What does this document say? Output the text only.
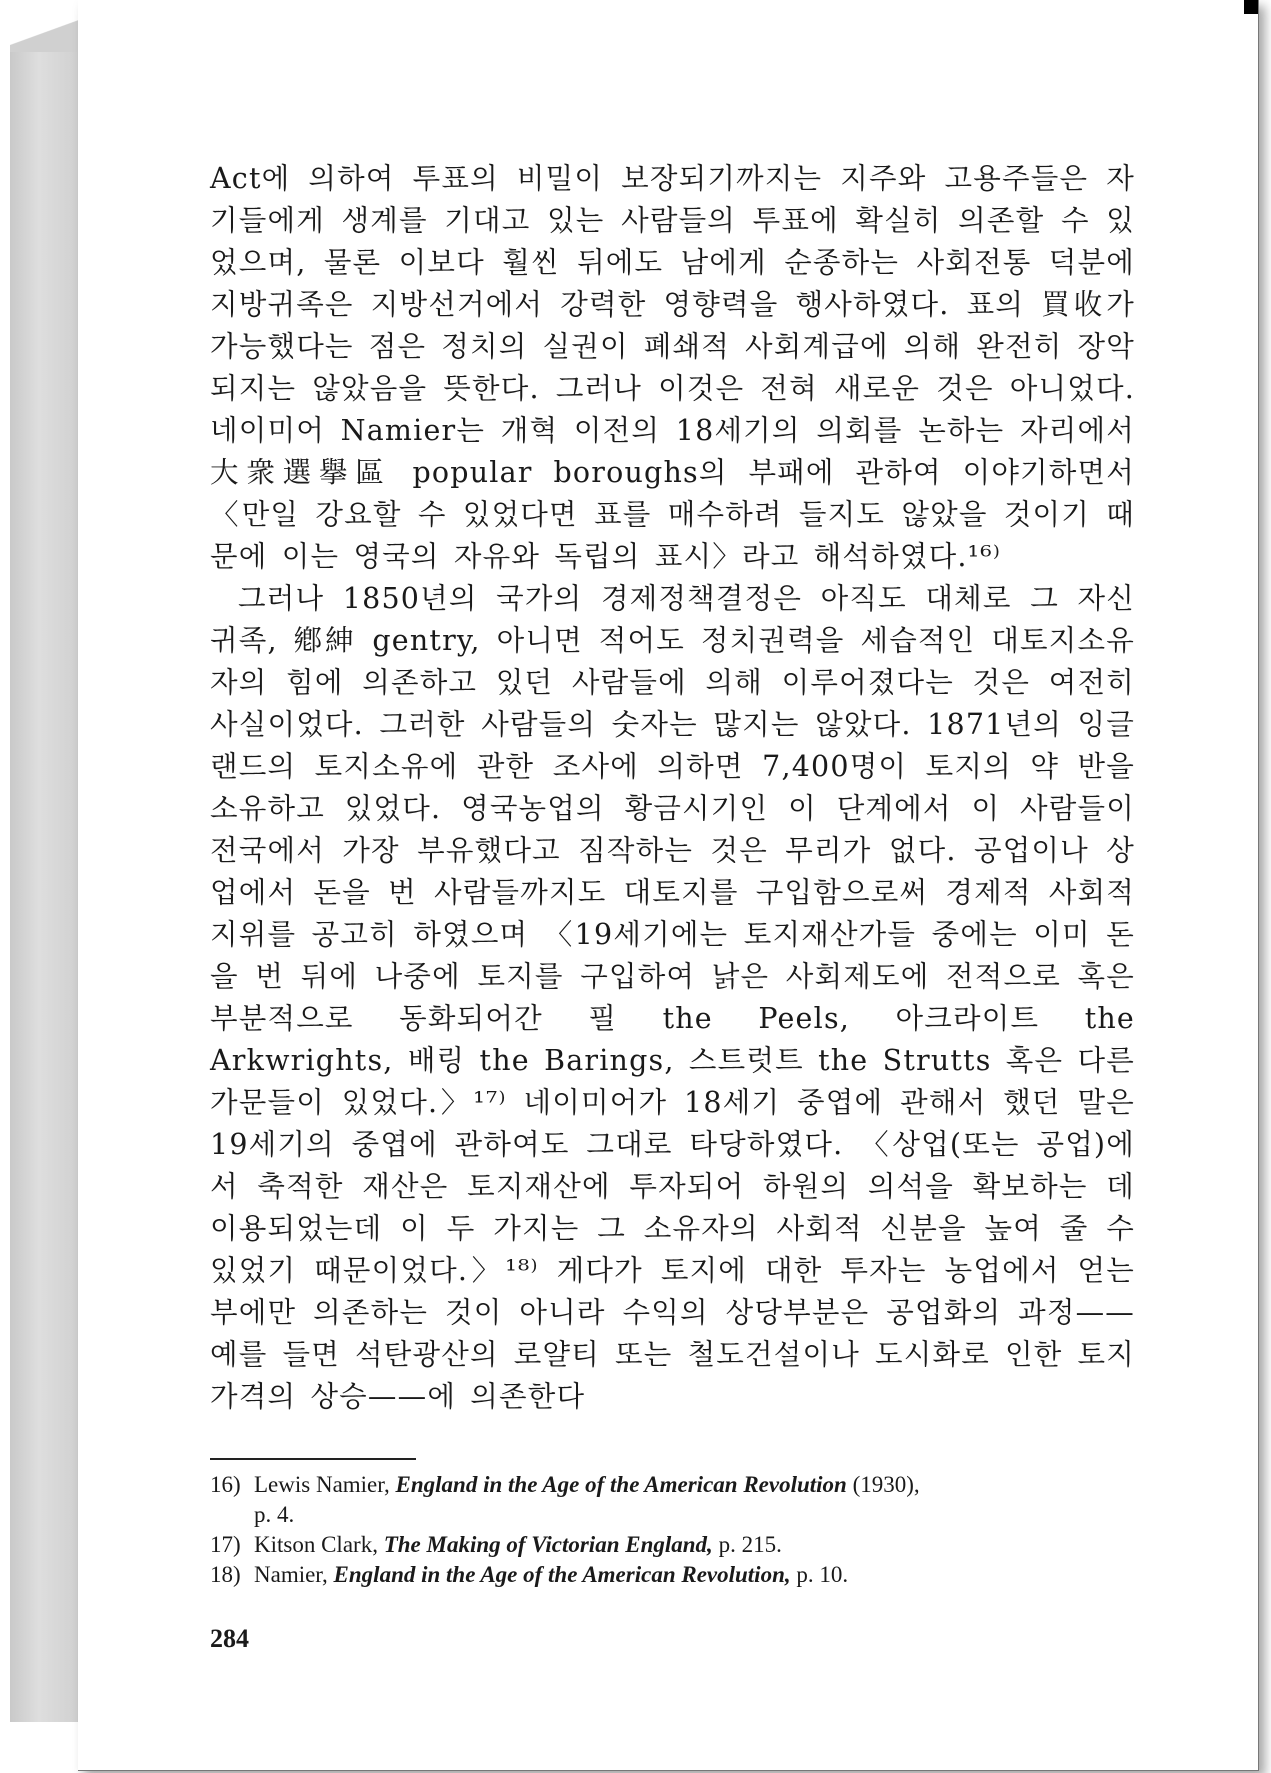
Act에 의하여 투표의 비밀이 보장되기까지는 지주와 고용주들은 자기들에게 생계를 기대고 있는 사람들의 투표에 확실히 의존할 수 있었으며, 물론 이보다 훨씬 뒤에도 남에게 순종하는 사회전통 덕분에 지방귀족은 지방선거에서 강력한 영향력을 행사하였다. 표의 買收가 가능했다는 점은 정치의 실권이 폐쇄적 사회계급에 의해 완전히 장악되지는 않았음을 뜻한다. 그러나 이것은 전혀 새로운 것은 아니었다. 네이미어 Namier는 개혁 이전의 18세기의 의회를 논하는 자리에서 大衆選擧區 popular boroughs의 부패에 관하여 이야기하면서 〈만일 강요할 수 있었다면 표를 매수하려 들지도 않았을 것이기 때문에 이는 영국의 자유와 독립의 표시〉라고 해석하였다.¹⁶⁾

그러나 1850년의 국가의 경제정책결정은 아직도 대체로 그 자신 귀족, 鄕紳 gentry, 아니면 적어도 정치권력을 세습적인 대토지소유자의 힘에 의존하고 있던 사람들에 의해 이루어졌다는 것은 여전히 사실이었다. 그러한 사람들의 숫자는 많지는 않았다. 1871년의 잉글랜드의 토지소유에 관한 조사에 의하면 7,400명이 토지의 약 반을 소유하고 있었다. 영국농업의 황금시기인 이 단계에서 이 사람들이 전국에서 가장 부유했다고 짐작하는 것은 무리가 없다. 공업이나 상업에서 돈을 번 사람들까지도 대토지를 구입함으로써 경제적 사회적 지위를 공고히 하였으며 〈19세기에는 토지재산가들 중에는 이미 돈을 번 뒤에 나중에 토지를 구입하여 낡은 사회제도에 전적으로 혹은 부분적으로 동화되어간 필 the Peels, 아크라이트 the Arkwrights, 배링 the Barings, 스트럿트 the Strutts 혹은 다른 가문들이 있었다.〉¹⁷⁾ 네이미어가 18세기 중엽에 관해서 했던 말은 19세기의 중엽에 관하여도 그대로 타당하였다. 〈상업(또는 공업)에서 축적한 재산은 토지재산에 투자되어 하원의 의석을 확보하는 데 이용되었는데 이 두 가지는 그 소유자의 사회적 신분을 높여 줄 수 있었기 때문이었다.〉¹⁸⁾ 게다가 토지에 대한 투자는 농업에서 얻는 부에만 의존하는 것이 아니라 수익의 상당부분은 공업화의 과정——예를 들면 석탄광산의 로얄티 또는 철도건설이나 도시화로 인한 토지가격의 상승——에 의존한다

16) Lewis Namier, England in the Age of the American Revolution (1930),
p. 4.
17) Kitson Clark, The Making of Victorian England, p. 215.
18) Namier, England in the Age of the American Revolution, p. 10.
284
